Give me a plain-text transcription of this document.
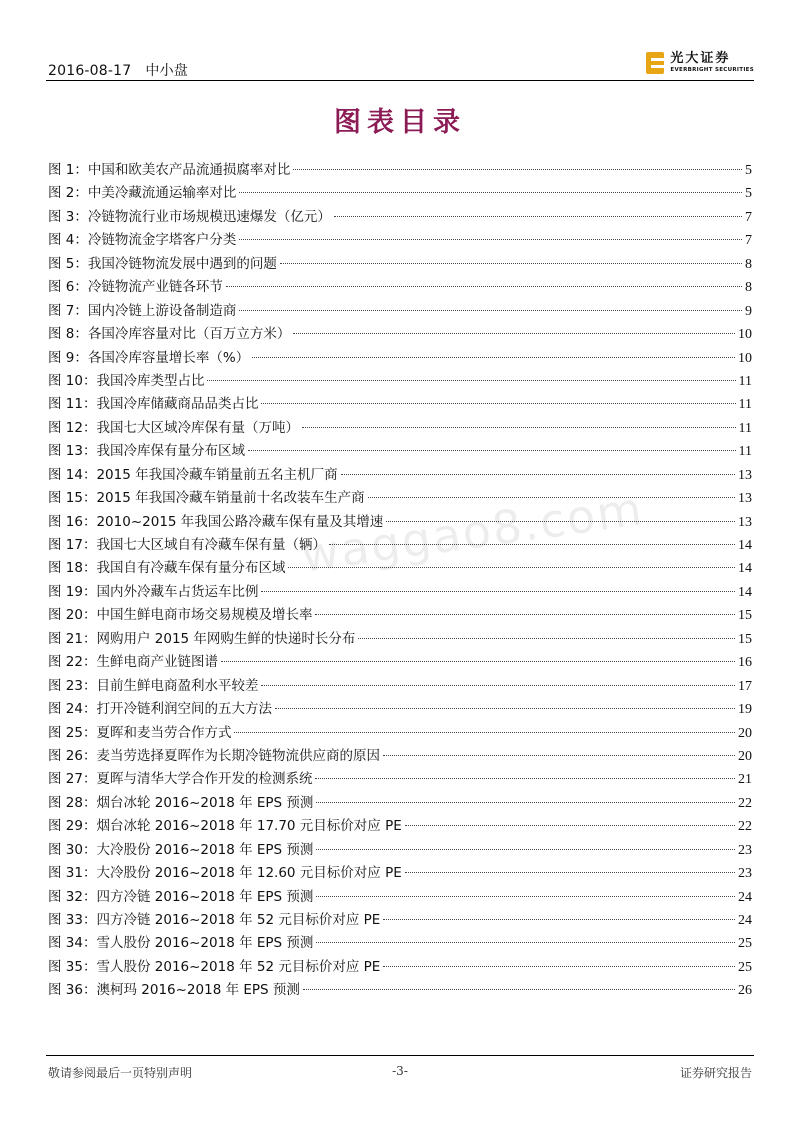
2016-08-17 中小盘
光大证券
EVERBRIGHT SECURITIES
图表目录
waggao8.com
图 1：中国和欧美农产品流通损腐率对比	5
图 2：中美冷藏流通运输率对比	5
图 3：冷链物流行业市场规模迅速爆发（亿元）	7
图 4：冷链物流金字塔客户分类	7
图 5：我国冷链物流发展中遇到的问题	8
图 6：冷链物流产业链各环节	8
图 7：国内冷链上游设备制造商	9
图 8：各国冷库容量对比（百万立方米）	10
图 9：各国冷库容量增长率（%）	10
图 10：我国冷库类型占比	11
图 11：我国冷库储藏商品品类占比	11
图 12：我国七大区域冷库保有量（万吨）	11
图 13：我国冷库保有量分布区域	11
图 14：2015 年我国冷藏车销量前五名主机厂商	13
图 15：2015 年我国冷藏车销量前十名改装车生产商	13
图 16：2010~2015 年我国公路冷藏车保有量及其增速	13
图 17：我国七大区域自有冷藏车保有量（辆）	14
图 18：我国自有冷藏车保有量分布区域	14
图 19：国内外冷藏车占货运车比例	14
图 20：中国生鲜电商市场交易规模及增长率	15
图 21：网购用户 2015 年网购生鲜的快递时长分布	15
图 22：生鲜电商产业链图谱	16
图 23：目前生鲜电商盈利水平较差	17
图 24：打开冷链利润空间的五大方法	19
图 25：夏晖和麦当劳合作方式	20
图 26：麦当劳选择夏晖作为长期冷链物流供应商的原因	20
图 27：夏晖与清华大学合作开发的检测系统	21
图 28：烟台冰轮 2016~2018 年 EPS 预测	22
图 29：烟台冰轮 2016~2018 年 17.70 元目标价对应 PE	22
图 30：大冷股份 2016~2018 年 EPS 预测	23
图 31：大冷股份 2016~2018 年 12.60 元目标价对应 PE	23
图 32：四方冷链 2016~2018 年 EPS 预测	24
图 33：四方冷链 2016~2018 年 52 元目标价对应 PE	24
图 34：雪人股份 2016~2018 年 EPS 预测	25
图 35：雪人股份 2016~2018 年 52 元目标价对应 PE	25
图 36：澳柯玛 2016~2018 年 EPS 预测	26
敬请参阅最后一页特别声明	-3-	证券研究报告
